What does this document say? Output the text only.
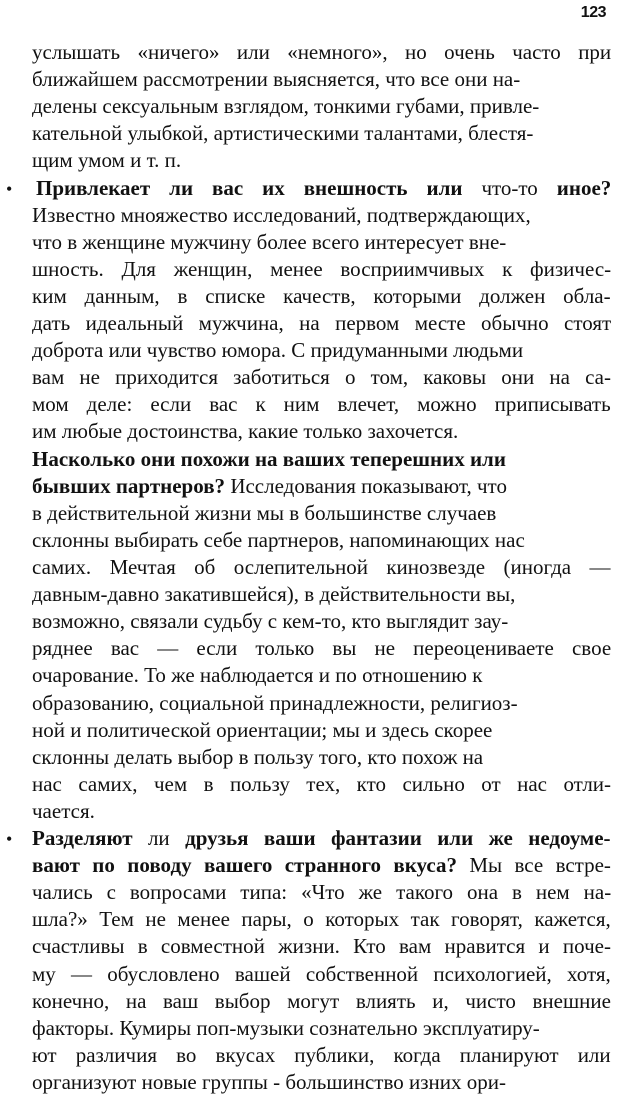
123
услышать «ничего» или «немного», но очень часто при
ближайшем рассмотрении выясняется, что все они на-
делены сексуальным взглядом, тонкими губами, привле-
кательной улыбкой, артистическими талантами, блестя-
щим умом и т. п.
• Привлекает ли вас их внешность или что-то иное?
Известно мнояжество исследований, подтверждающих,
что в женщине мужчину более всего интересует вне-
шность. Для женщин, менее восприимчивых к физичес-
ким данным, в списке качеств, которыми должен обла-
дать идеальный мужчина, на первом месте обычно стоят
доброта или чувство юмора. С придуманными людьми
вам не приходится заботиться о том, каковы они на са-
мом деле: если вас к ним влечет, можно приписывать
им любые достоинства, какие только захочется.
Насколько они похожи на ваших теперешних или
бывших партнеров? Исследования показывают, что
в действительной жизни мы в большинстве случаев
склонны выбирать себе партнеров, напоминающих нас
самих. Мечтая об ослепительной кинозвезде (иногда —
давным-давно закатившейся), в действительности вы,
возможно, связали судьбу с кем-то, кто выглядит зау-
ряднее вас — если только вы не переоцениваете свое
очарование. То же наблюдается и по отношению к
образованию, социальной принадлежности, религиоз-
ной и политической ориентации; мы и здесь скорее
склонны делать выбор в пользу того, кто похож на
нас самих, чем в пользу тех, кто сильно от нас отли-
чается.
• Разделяют ли друзья ваши фантазии или же недоуме-
вают по поводу вашего странного вкуса? Мы все встре-
чались с вопросами типа: «Что же такого она в нем на-
шла?» Тем не менее пары, о которых так говорят, кажется,
счастливы в совместной жизни. Кто вам нравится и поче-
му — обусловлено вашей собственной психологией, хотя,
конечно, на ваш выбор могут влиять и, чисто внешние
факторы. Кумиры поп-музыки сознательно эксплуатиру-
ют различия во вкусах публики, когда планируют или
организуют новые группы - большинство изних ори-
